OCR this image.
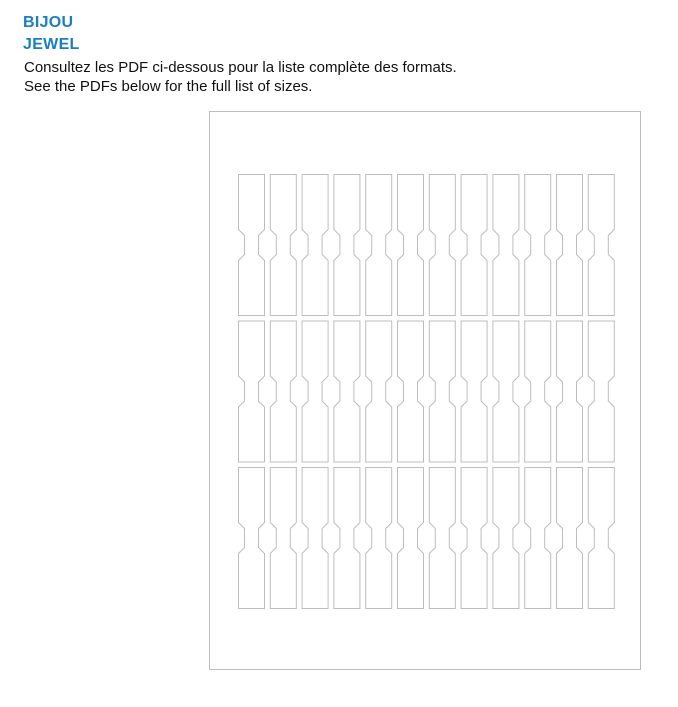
BIJOU
JEWEL

Consultez les PDF ci-dessous pour la liste complète des formats.

See the PDFs below for the full list of sizes.
